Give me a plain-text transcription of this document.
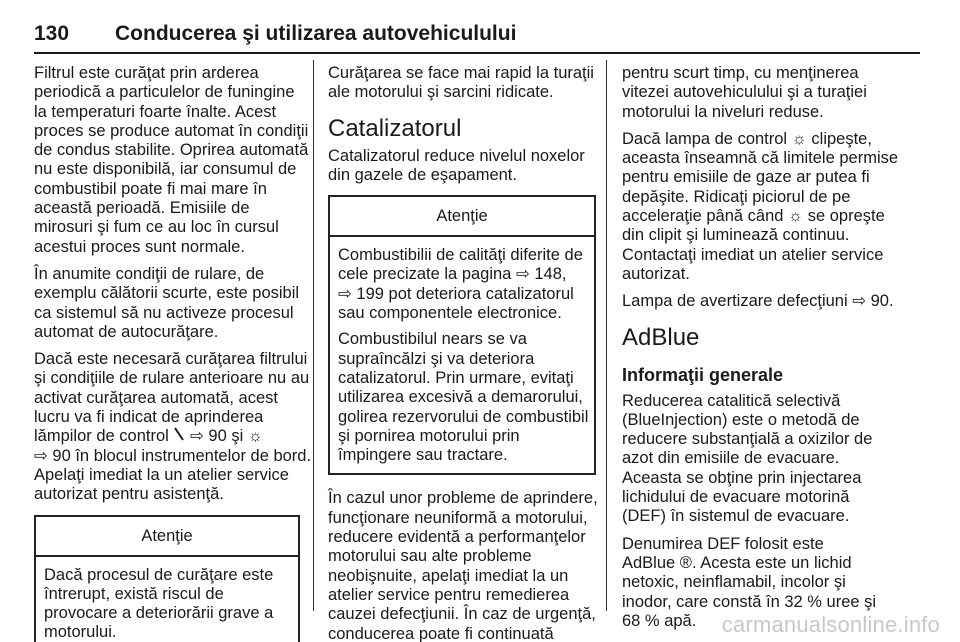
130 Conducerea şi utilizarea autovehiculului

Filtrul este curăţat prin arderea
periodică a particulelor de funingine
la temperaturi foarte înalte. Acest
proces se produce automat în condiţii
de condus stabilite. Oprirea automată
nu este disponibilă, iar consumul de
combustibil poate fi mai mare în
această perioadă. Emisiile de
mirosuri şi fum ce au loc în cursul
acestui proces sunt normale.

În anumite condiţii de rulare, de
exemplu călătorii scurte, este posibil
ca sistemul să nu activeze procesul
automat de autocurăţare.

Dacă este necesară curăţarea filtrului
şi condiţiile de rulare anterioare nu au
activat curăţarea automată, acest
lucru va fi indicat de aprinderea
lămpilor de control  ⇨ 90 şi ☼
⇨ 90 în blocul instrumentelor de bord.
Apelaţi imediat la un atelier service
autorizat pentru asistenţă.

Atenţie

Dacă procesul de curăţare este
întrerupt, există riscul de
provocare a deteriorării grave a
motorului.

Curăţarea se face mai rapid la turaţii
ale motorului şi sarcini ridicate.

Catalizatorul

Catalizatorul reduce nivelul noxelor
din gazele de eşapament.

Atenţie

Combustibilii de calităţi diferite de
cele precizate la pagina ⇨ 148,
⇨ 199 pot deteriora catalizatorul
sau componentele electronice.

Combustibilul nears se va
supraîncălzi şi va deteriora
catalizatorul. Prin urmare, evitaţi
utilizarea excesivă a demarorului,
golirea rezervorului de combustibil
şi pornirea motorului prin
împingere sau tractare.

În cazul unor probleme de aprindere,
funcţionare neuniformă a motorului,
reducere evidentă a performanţelor
motorului sau alte probleme
neobişnuite, apelaţi imediat la un
atelier service pentru remedierea
cauzei defecţiunii. În caz de urgenţă,
conducerea poate fi continuată

pentru scurt timp, cu menţinerea
vitezei autovehiculului şi a turaţiei
motorului la niveluri reduse.

Dacă lampa de control ☼ clipeşte,
aceasta înseamnă că limitele permise
pentru emisiile de gaze ar putea fi
depăşite. Ridicaţi piciorul de pe
acceleraţie până când ☼ se opreşte
din clipit şi luminează continuu.
Contactaţi imediat un atelier service
autorizat.

Lampa de avertizare defecţiuni ⇨ 90.

AdBlue
Informaţii generale

Reducerea catalitică selectivă
(BlueInjection) este o metodă de
reducere substanţială a oxizilor de
azot din emisiile de evacuare.
Aceasta se obţine prin injectarea
lichidului de evacuare motorină
(DEF) în sistemul de evacuare.

Denumirea DEF folosit este
AdBlue ®. Acesta este un lichid
netoxic, neinflamabil, incolor şi
inodor, care constă în 32 % uree şi
68 % apă.	carmanualsonline.info
